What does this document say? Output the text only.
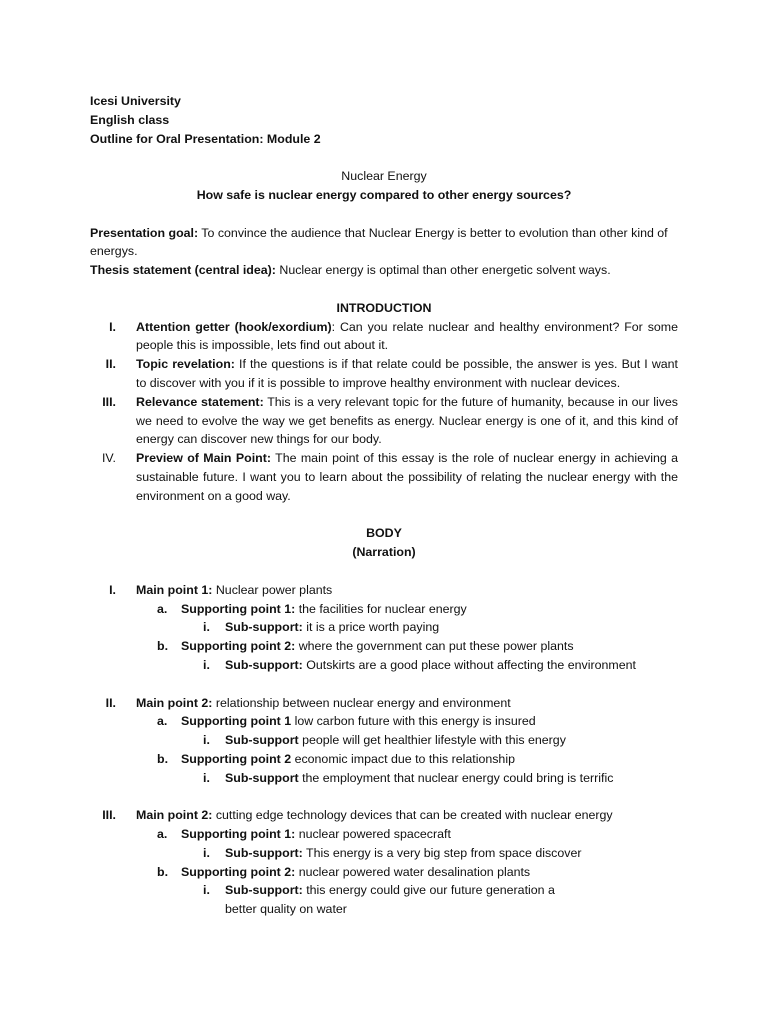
Icesi University
English class
Outline for Oral Presentation: Module 2
Nuclear Energy
How safe is nuclear energy compared to other energy sources?
Presentation goal: To convince the audience that Nuclear Energy is better to evolution than other kind of energys.
Thesis statement (central idea): Nuclear energy is optimal than other energetic solvent ways.
INTRODUCTION
I.	Attention getter (hook/exordium): Can you relate nuclear and healthy environment? For some people this is impossible, lets find out about it.
II.	Topic revelation: If the questions is if that relate could be possible, the answer is yes. But I want to discover with you if it is possible to improve healthy environment with nuclear devices.
III.	Relevance statement: This is a very relevant topic for the future of humanity, because in our lives we need to evolve the way we get benefits as energy. Nuclear energy is one of it, and this kind of energy can discover new things for our body.
IV.	Preview of Main Point: The main point of this essay is the role of nuclear energy in achieving a sustainable future. I want you to learn about the possibility of relating the nuclear energy with the environment on a good way.
BODY
(Narration)
I.	Main point 1: Nuclear power plants
a.	Supporting point 1: the facilities for nuclear energy
i.	Sub-support: it is a price worth paying
b.	Supporting point 2: where the government can put these power plants
i.	Sub-support: Outskirts are a good place without affecting the environment
II.	Main point 2: relationship between nuclear energy and environment
a.	Supporting point 1 low carbon future with this energy is insured
i.	Sub-support people will get healthier lifestyle with this energy
b.	Supporting point 2 economic impact due to this relationship
i.	Sub-support the employment that nuclear energy could bring is terrific
III.	Main point 2: cutting edge technology devices that can be created with nuclear energy
a.	Supporting point 1: nuclear powered spacecraft
i.	Sub-support: This energy is a very big step from space discover
b.	Supporting point 2: nuclear powered water desalination plants
i.	Sub-support: this energy could give our future generation a better quality on water
